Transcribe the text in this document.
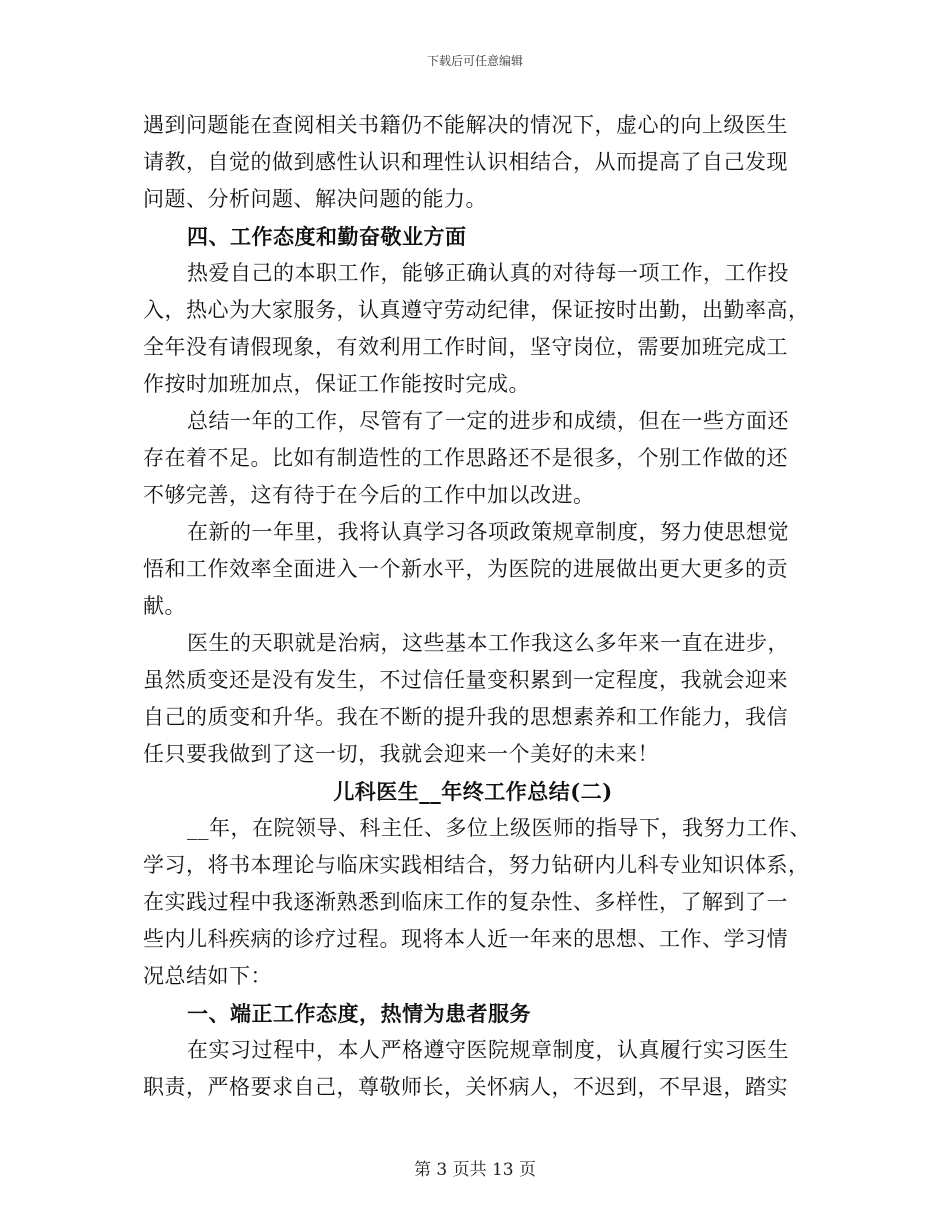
下载后可任意编辑
遇到问题能在查阅相关书籍仍不能解决的情况下，虚心的向上级医生
请教，自觉的做到感性认识和理性认识相结合，从而提高了自己发现
问题、分析问题、解决问题的能力。
四、工作态度和勤奋敬业方面
热爱自己的本职工作，能够正确认真的对待每一项工作，工作投
入，热心为大家服务，认真遵守劳动纪律，保证按时出勤，出勤率高，
全年没有请假现象，有效利用工作时间，坚守岗位，需要加班完成工
作按时加班加点，保证工作能按时完成。
总结一年的工作，尽管有了一定的进步和成绩，但在一些方面还
存在着不足。比如有制造性的工作思路还不是很多，个别工作做的还
不够完善，这有待于在今后的工作中加以改进。
在新的一年里，我将认真学习各项政策规章制度，努力使思想觉
悟和工作效率全面进入一个新水平，为医院的进展做出更大更多的贡
献。
医生的天职就是治病，这些基本工作我这么多年来一直在进步，
虽然质变还是没有发生，不过信任量变积累到一定程度，我就会迎来
自己的质变和升华。我在不断的提升我的思想素养和工作能力，我信
任只要我做到了这一切，我就会迎来一个美好的未来！
儿科医生__年终工作总结(二)
__年，在院领导、科主任、多位上级医师的指导下，我努力工作、
学习，将书本理论与临床实践相结合，努力钻研内儿科专业知识体系，
在实践过程中我逐渐熟悉到临床工作的复杂性、多样性，了解到了一
些内儿科疾病的诊疗过程。现将本人近一年来的思想、工作、学习情
况总结如下：
一、端正工作态度，热情为患者服务
在实习过程中，本人严格遵守医院规章制度，认真履行实习医生
职责，严格要求自己，尊敬师长，关怀病人，不迟到，不早退，踏实
第 3 页共 13 页
